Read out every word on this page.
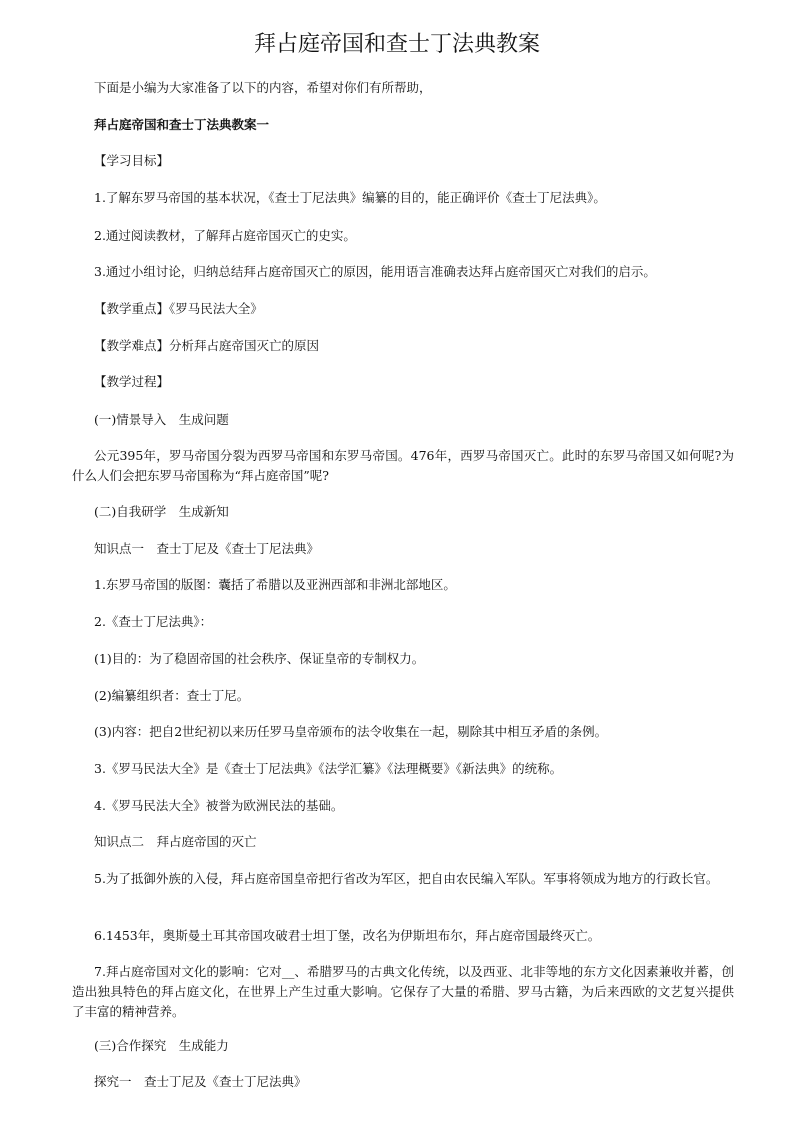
拜占庭帝国和查士丁法典教案

下面是小编为大家准备了以下的内容，希望对你们有所帮助，

拜占庭帝国和查士丁法典教案一

【学习目标】

1.了解东罗马帝国的基本状况，《查士丁尼法典》编纂的目的，能正确评价《查士丁尼法典》。

2.通过阅读教材，了解拜占庭帝国灭亡的史实。

3.通过小组讨论，归纳总结拜占庭帝国灭亡的原因，能用语言准确表达拜占庭帝国灭亡对我们的启示。

【教学重点】《罗马民法大全》

【教学难点】分析拜占庭帝国灭亡的原因

【教学过程】

(一)情景导入　生成问题

公元395年，罗马帝国分裂为西罗马帝国和东罗马帝国。476年，西罗马帝国灭亡。此时的东罗马帝国又如何呢?为什么人们会把东罗马帝国称为“拜占庭帝国”呢?

(二)自我研学　生成新知

知识点一　查士丁尼及《查士丁尼法典》

1.东罗马帝国的版图：囊括了希腊以及亚洲西部和非洲北部地区。

2.《查士丁尼法典》：

(1)目的：为了稳固帝国的社会秩序、保证皇帝的专制权力。

(2)编纂组织者：查士丁尼。

(3)内容：把自2世纪初以来历任罗马皇帝颁布的法令收集在一起，剔除其中相互矛盾的条例。

3.《罗马民法大全》是《查士丁尼法典》《法学汇纂》《法理概要》《新法典》的统称。

4.《罗马民法大全》被誉为欧洲民法的基础。

知识点二　拜占庭帝国的灭亡

5.为了抵御外族的入侵，拜占庭帝国皇帝把行省改为军区，把自由农民编入军队。军事将领成为地方的行政长官。

6.1453年，奥斯曼土耳其帝国攻破君士坦丁堡，改名为伊斯坦布尔，拜占庭帝国最终灭亡。

7.拜占庭帝国对文化的影响：它对__、希腊罗马的古典文化传统，以及西亚、北非等地的东方文化因素兼收并蓄，创造出独具特色的拜占庭文化，在世界上产生过重大影响。它保存了大量的希腊、罗马古籍，为后来西欧的文艺复兴提供了丰富的精神营养。

(三)合作探究　生成能力

探究一　查士丁尼及《查士丁尼法典》
